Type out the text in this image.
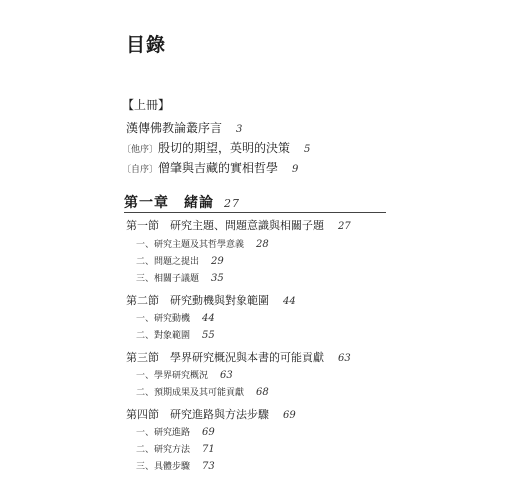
目錄
【上冊】
漢傳佛教論叢序言 3
〔他序〕殷切的期望，英明的決策 5
〔自序〕僧肇與吉藏的實相哲學 9
第一章　緒論 27
第一節　研究主題、問題意識與相關子題 27
一、研究主題及其哲學意義 28
二、問題之提出 29
三、相關子議題 35
第二節　研究動機與對象範圍 44
一、研究動機 44
二、對象範圍 55
第三節　學界研究概況與本書的可能貢獻 63
一、學界研究概況 63
二、預期成果及其可能貢獻 68
第四節　研究進路與方法步驟 69
一、研究進路 69
二、研究方法 71
三、具體步驟 73
